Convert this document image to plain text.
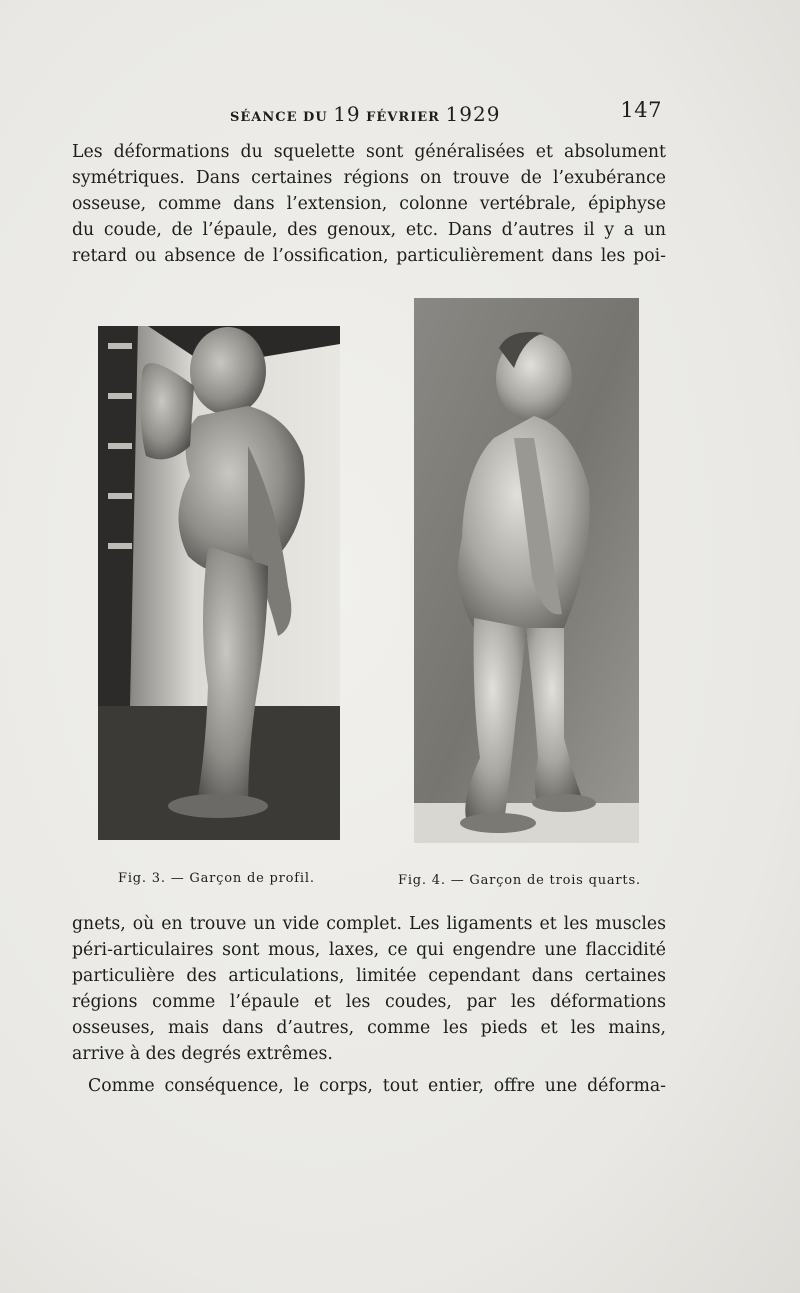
SÉANCE DU 19 FÉVRIER 1929	147
Les déformations du squelette sont généralisées et absolument
symétriques. Dans certaines régions on trouve de l’exubérance
osseuse, comme dans l’extension, colonne vertébrale, épiphyse
du coude, de l’épaule, des genoux, etc. Dans d’autres il y a un
retard ou absence de l’ossification, particulièrement dans les poi-
Fig. 3. — Garçon de profil.	Fig. 4. — Garçon de trois quarts.
gnets, où en trouve un vide complet. Les ligaments et les muscles
péri-articulaires sont mous, laxes, ce qui engendre une flaccidité
particulière des articulations, limitée cependant dans certaines
régions comme l’épaule et les coudes, par les déformations
osseuses, mais dans d’autres, comme les pieds et les mains,
arrive à des degrés extrêmes.
Comme conséquence, le corps, tout entier, offre une déforma-
